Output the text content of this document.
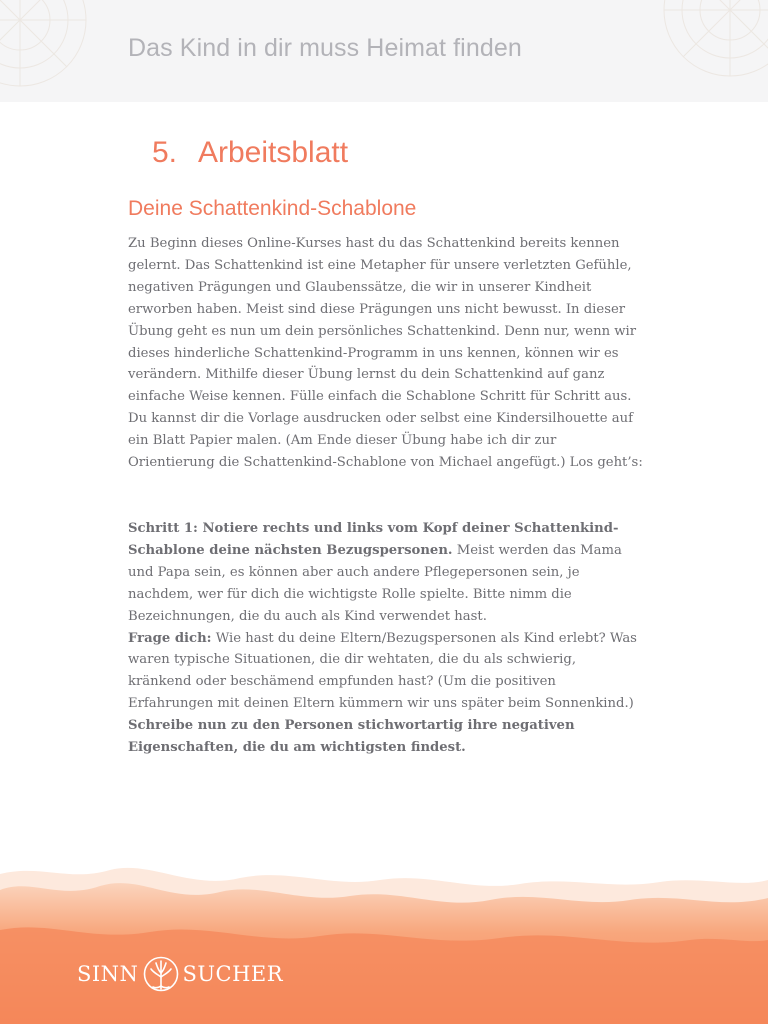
Das Kind in dir muss Heimat finden
5. Arbeitsblatt
Deine Schattenkind-Schablone

Zu Beginn dieses Online-Kurses hast du das Schattenkind bereits kennen gelernt. Das Schattenkind ist eine Metapher für unsere verletzten Gefühle, negativen Prägungen und Glaubenssätze, die wir in unserer Kindheit erworben haben. Meist sind diese Prägungen uns nicht bewusst. In dieser Übung geht es nun um dein persönliches Schattenkind. Denn nur, wenn wir dieses hinderliche Schattenkind-Programm in uns kennen, können wir es verändern. Mithilfe dieser Übung lernst du dein Schattenkind auf ganz einfache Weise kennen. Fülle einfach die Schablone Schritt für Schritt aus. Du kannst dir die Vorlage ausdrucken oder selbst eine Kindersilhouette auf ein Blatt Papier malen. (Am Ende dieser Übung habe ich dir zur Orientierung die Schattenkind-Schablone von Michael angefügt.) Los geht’s:

Schritt 1: Notiere rechts und links vom Kopf deiner Schattenkind-Schablone deine nächsten Bezugspersonen. Meist werden das Mama und Papa sein, es können aber auch andere Pflegepersonen sein, je nachdem, wer für dich die wichtigste Rolle spielte. Bitte nimm die Bezeichnungen, die du auch als Kind verwendet hast.

Frage dich: Wie hast du deine Eltern/Bezugspersonen als Kind erlebt? Was waren typische Situationen, die dir wehtaten, die du als schwierig, kränkend oder beschämend empfunden hast? (Um die positiven Erfahrungen mit deinen Eltern kümmern wir uns später beim Sonnenkind.)

Schreibe nun zu den Personen stichwortartig ihre negativen Eigenschaften, die du am wichtigsten findest.

SINN SUCHER
